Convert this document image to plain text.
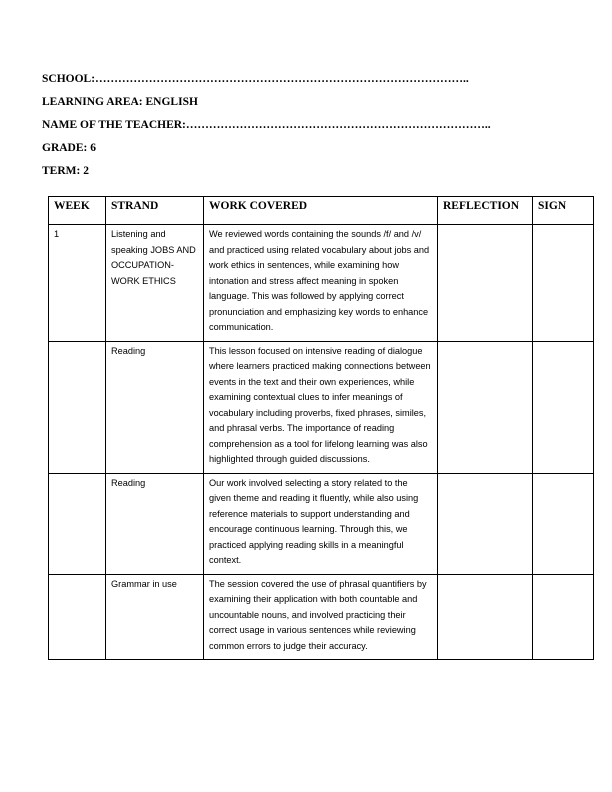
SCHOOL:……………………………………………………………………………………..
LEARNING AREA: ENGLISH
NAME OF THE TEACHER:……………………………………………………………………..
GRADE: 6
TERM: 2
WEEK	STRAND	WORK COVERED	REFLECTION	SIGN
1	Listening and speaking JOBS AND OCCUPATION-WORK ETHICS	We reviewed words containing the sounds /f/ and /v/ and practiced using related vocabulary about jobs and work ethics in sentences, while examining how intonation and stress affect meaning in spoken language. This was followed by applying correct pronunciation and emphasizing key words to enhance communication.		
	Reading	This lesson focused on intensive reading of dialogue where learners practiced making connections between events in the text and their own experiences, while examining contextual clues to infer meanings of vocabulary including proverbs, fixed phrases, similes, and phrasal verbs. The importance of reading comprehension as a tool for lifelong learning was also highlighted through guided discussions.		
	Reading	Our work involved selecting a story related to the given theme and reading it fluently, while also using reference materials to support understanding and encourage continuous learning. Through this, we practiced applying reading skills in a meaningful context.		
	Grammar in use	The session covered the use of phrasal quantifiers by examining their application with both countable and uncountable nouns, and involved practicing their correct usage in various sentences while reviewing common errors to judge their accuracy.		
